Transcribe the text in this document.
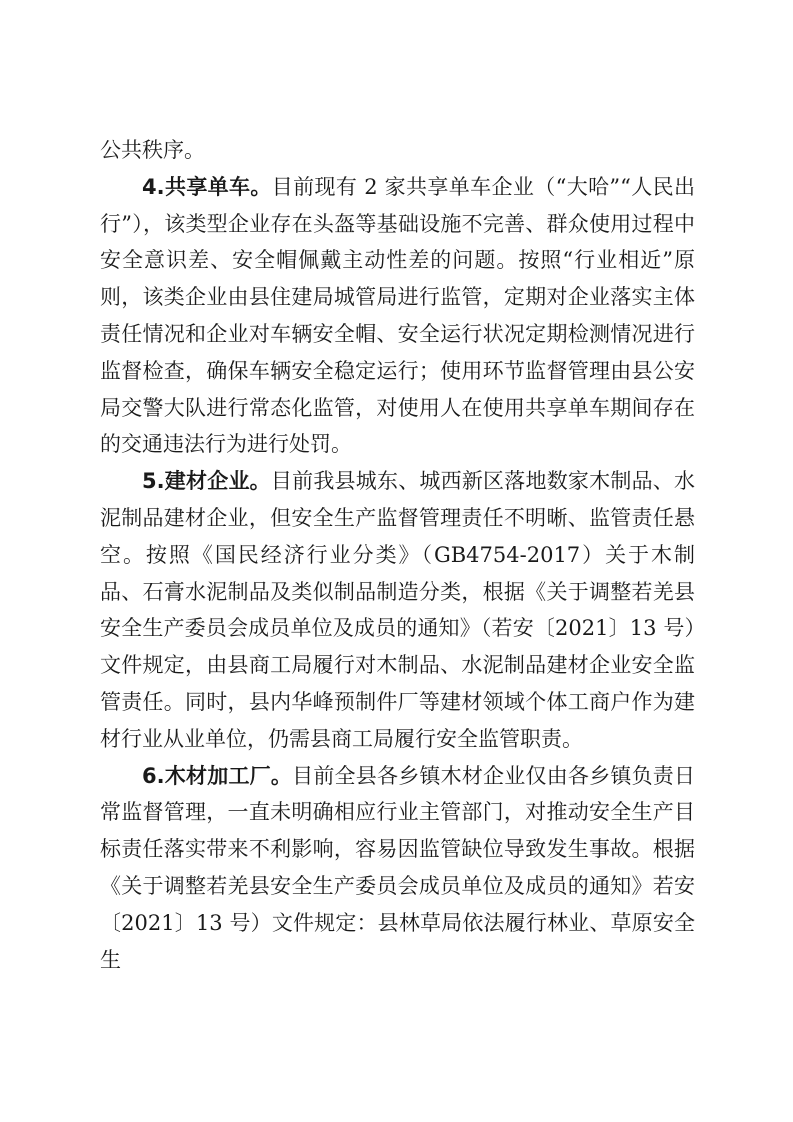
公共秩序。

4.共享单车。目前现有 2 家共享单车企业（“大哈”“人民出行”），该类型企业存在头盔等基础设施不完善、群众使用过程中安全意识差、安全帽佩戴主动性差的问题。按照“行业相近”原则，该类企业由县住建局城管局进行监管，定期对企业落实主体责任情况和企业对车辆安全帽、安全运行状况定期检测情况进行监督检查，确保车辆安全稳定运行；使用环节监督管理由县公安局交警大队进行常态化监管，对使用人在使用共享单车期间存在的交通违法行为进行处罚。

5.建材企业。目前我县城东、城西新区落地数家木制品、水泥制品建材企业，但安全生产监督管理责任不明晰、监管责任悬空。按照《国民经济行业分类》（GB4754-2017）关于木制品、石膏水泥制品及类似制品制造分类，根据《关于调整若羌县安全生产委员会成员单位及成员的通知》（若安〔2021〕13 号）文件规定，由县商工局履行对木制品、水泥制品建材企业安全监管责任。同时，县内华峰预制件厂等建材领域个体工商户作为建材行业从业单位，仍需县商工局履行安全监管职责。

6.木材加工厂。目前全县各乡镇木材企业仅由各乡镇负责日常监督管理，一直未明确相应行业主管部门，对推动安全生产目标责任落实带来不利影响，容易因监管缺位导致发生事故。根据《关于调整若羌县安全生产委员会成员单位及成员的通知》若安〔2021〕13 号）文件规定：县林草局依法履行林业、草原安全生
